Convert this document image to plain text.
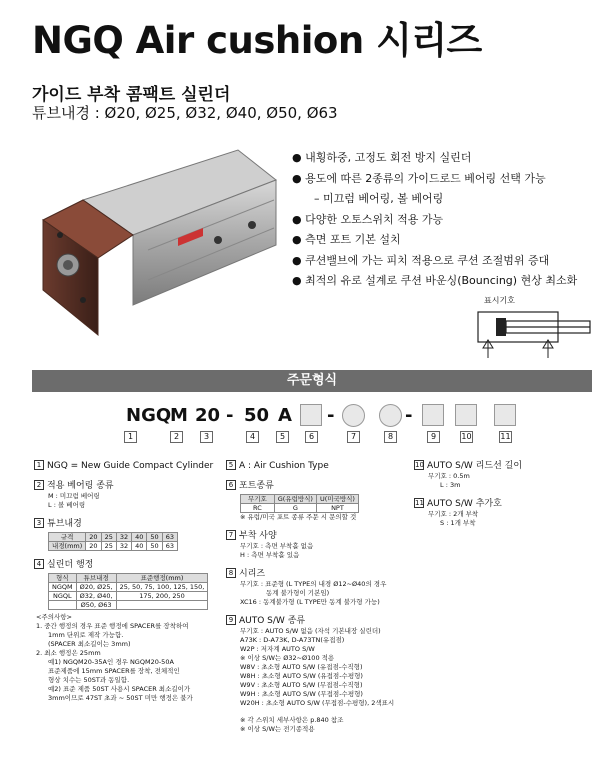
NGQ Air cushion 시리즈
가이드 부착 콤팩트 실린더
튜브내경 : Ø20, Ø25, Ø32, Ø40, Ø50, Ø63
● 내횡하중, 고정도 회전 방지 실린더
● 용도에 따른 2종류의 가이드로드 베어링 선택 가능
– 미끄럼 베어링, 볼 베어링
● 다양한 오토스위치 적용 가능
● 측면 포트 기본 설치
● 쿠션밸브에 가는 피치 적용으로 쿠션 조절범위 증대
● 최적의 유로 설계로 쿠션 바운싱(Bouncing) 현상 최소화
표시기호
주문형식
NGQ
M 20 - 50 A -	-
1	2	3	4	5	6	7	8	9	10	11
1 NGQ = New Guide Compact Cylinder
2 적용 베어링 종류
M : 미끄럼 베어링
L : 볼 베어링
3 튜브내경
규격	20	25	32	40	50	63
내경(mm)	20	25	32	40	50	63
4 실린더 행정
형식	튜브내경	표준행정(mm)
NGQM	Ø20, Ø25,	25, 50, 75, 100, 125, 150,
NGQL	Ø32, Ø40,	175, 200, 250
	Ø50, Ø63	
<주의사항>
1. 중간 행정의 경우 표준 행정에 SPACER를 장착하여
1mm 단위로 제작 가능함.
(SPACER 최소길이는 3mm)
2. 최소 행정은 25mm
예1) NGQM20-35A인 경우 NGQM20-50A
표준제품에 15mm SPACER를 장착, 전체적인
형상 치수는 50ST과 동일함.
예2) 표준 제품 50ST 사용시 SPACER 최소길이가
3mm이므로 47ST 초과 ~ 50ST 미만 행정은 불가
5 A : Air Cushion Type
6 포트종류
무기호	G(유럽방식)	U(미국방식)
RC	G	NPT
※ 유럽/미국 포트 종류 주문 시 문의할 것
7 부착 사양
무기호 : 측면 부착홀 없음
H : 측면 부착홀 있음
8 시리즈
무기호 : 표준형 (L TYPE의 내경 Ø12~Ø40의 경우
동계 불가형이 기본임)
XC16 : 동계불가형 (L TYPE만 동계 불가형 가능)
9 AUTO S/W 종류
무기호 : AUTO S/W 없음 (자석 기본내장 실린더)
A73K : D-A73K, D-A73TN(유접점)
W2P : 저자계 AUTO S/W
※ 이상 S/W는 Ø32~Ø100 적용
W8V : 초소형 AUTO S/W (유접점-수직형)
W8H : 초소형 AUTO S/W (유접점-수평형)
W9V : 초소형 AUTO S/W (무접점-수직형)
W9H : 초소형 AUTO S/W (무접점-수평형)
W20H : 초소형 AUTO S/W (무접점-수평형), 2색표시
※ 각 스위치 세부사항은 p.840 참조
※ 이상 S/W는 전기종적용
10 AUTO S/W 리드선 길이
무기호 : 0.5m
L : 3m
11 AUTO S/W 추가호
무기호 : 2개 부착
S : 1개 부착
